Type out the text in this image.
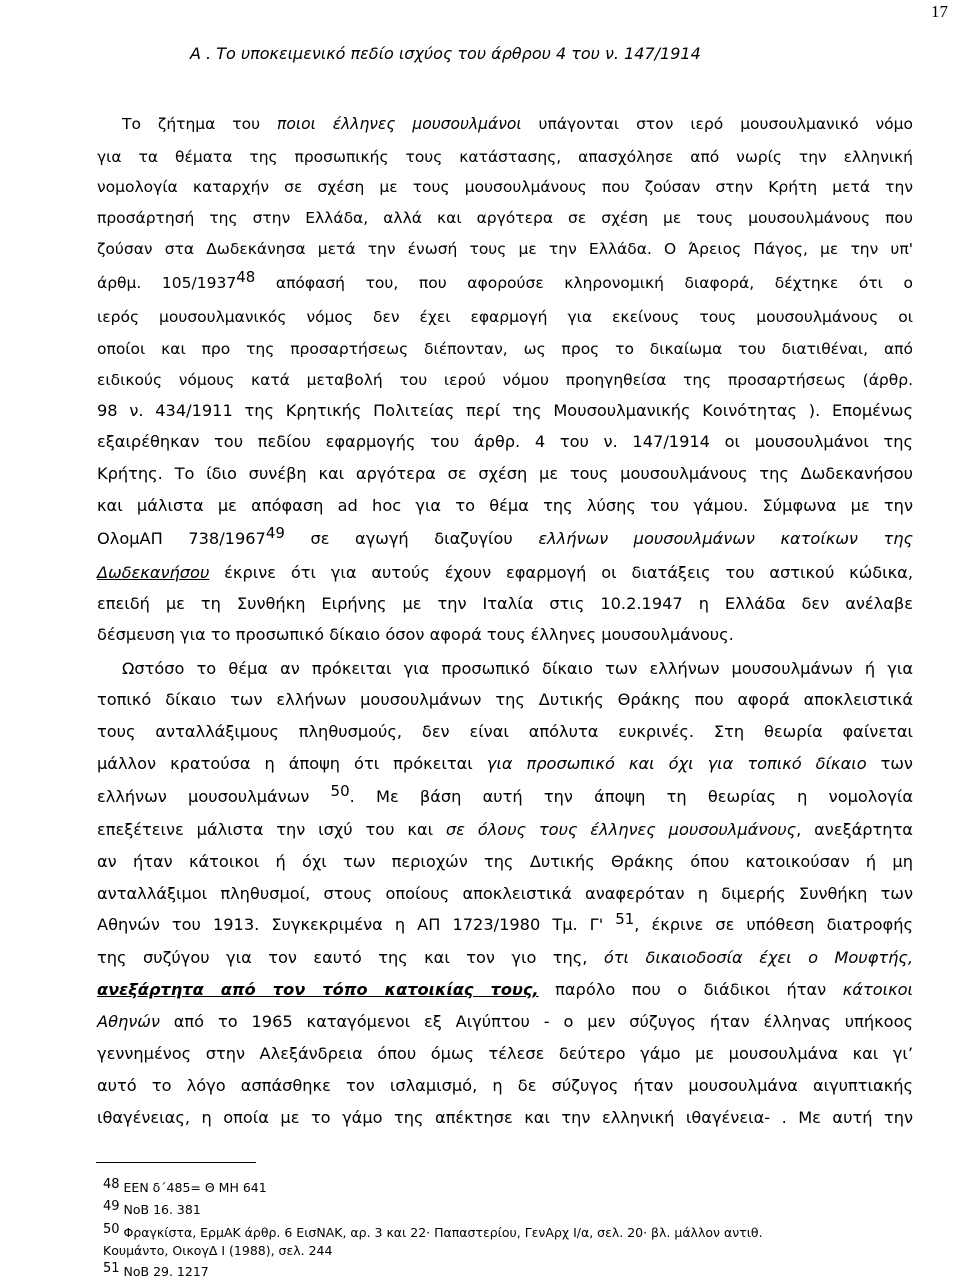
17
Α . Το υποκειμενικό πεδίο ισχύος του άρθρου 4 του ν. 147/1914
Το ζήτημα του ποιοι έλληνες μουσουλμάνοι υπάγονται στον ιερό μουσουλμανικό νόμο
για τα θέματα της προσωπικής τους κατάστασης, απασχόλησε από νωρίς την ελληνική
νομολογία καταρχήν σε σχέση με τους μουσουλμάνους που ζούσαν στην Κρήτη μετά την
προσάρτησή της στην Ελλάδα, αλλά και αργότερα σε σχέση με τους μουσουλμάνους που
ζούσαν στα Δωδεκάνησα μετά την ένωσή τους με την Ελλάδα. Ο Άρειος Πάγος, με την υπ'
άρθμ. 105/1937$^{48}$ απόφασή του, που αφορούσε κληρονομική διαφορά, δέχτηκε ότι ο
ιερός μουσουλμανικός νόμος δεν έχει εφαρμογή για εκείνους τους μουσουλμάνους οι
οποίοι και προ της προσαρτήσεως διέπονταν, ως προς το δικαίωμα του διατιθέναι, από
ειδικούς νόμους κατά μεταβολή του ιερού νόμου προηγηθείσα της προσαρτήσεως (άρθρ.
98 ν. 434/1911 της Κρητικής Πολιτείας περί της Μουσουλμανικής Κοινότητας ). Επομένως
εξαιρέθηκαν του πεδίου εφαρμογής του άρθρ. 4 του ν. 147/1914 οι μουσουλμάνοι της
Κρήτης. Το ίδιο συνέβη και αργότερα σε σχέση με τους μουσουλμάνους της Δωδεκανήσου
και μάλιστα με απόφαση ad hoc για το θέμα της λύσης του γάμου. Σύμφωνα με την
ΟλομΑΠ 738/1967$^{49}$ σε αγωγή διαζυγίου ελλήνων μουσουλμάνων κατοίκων της
Δωδεκανήσου έκρινε ότι για αυτούς έχουν εφαρμογή οι διατάξεις του αστικού κώδικα,
επειδή με τη Συνθήκη Ειρήνης με την Ιταλία στις 10.2.1947 η Ελλάδα δεν ανέλαβε
δέσμευση για το προσωπικό δίκαιο όσον αφορά τους έλληνες μουσουλμάνους.
Ωστόσο το θέμα αν πρόκειται για προσωπικό δίκαιο των ελλήνων μουσουλμάνων ή για
τοπικό δίκαιο των ελλήνων μουσουλμάνων της Δυτικής Θράκης που αφορά αποκλειστικά
τους ανταλλάξιμους πληθυσμούς, δεν είναι απόλυτα ευκρινές. Στη θεωρία φαίνεται
μάλλον κρατούσα η άποψη ότι πρόκειται για προσωπικό και όχι για τοπικό δίκαιο των
ελλήνων μουσουλμάνων $^{50}$. Με βάση αυτή την άποψη τη θεωρίας η νομολογία
επεξέτεινε μάλιστα την ισχύ του και σε όλους τους έλληνες μουσουλμάνους, ανεξάρτητα
αν ήταν κάτοικοι ή όχι των περιοχών της Δυτικής Θράκης όπου κατοικούσαν ή μη
ανταλλάξιμοι πληθυσμοί, στους οποίους αποκλειστικά αναφερόταν η διμερής Συνθήκη των
Αθηνών του 1913. Συγκεκριμένα η ΑΠ 1723/1980 Τμ. Γ' $^{51}$, έκρινε σε υπόθεση διατροφής
της συζύγου για τον εαυτό της και τον γιο της, ότι δικαιοδοσία έχει ο Μουφτής,
ανεξάρτητα από τον τόπο κατοικίας τους, παρόλο που ο διάδικοι ήταν κάτοικοι
Αθηνών από το 1965 καταγόμενοι εξ Αιγύπτου - ο μεν σύζυγος ήταν έλληνας υπήκοος
γεννημένος στην Αλεξάνδρεια όπου όμως τέλεσε δεύτερο γάμο με μουσουλμάνα και γι’
αυτό το λόγο ασπάσθηκε τον ισλαμισμό, η δε σύζυγος ήταν μουσουλμάνα αιγυπτιακής
ιθαγένειας, η οποία με το γάμο της απέκτησε και την ελληνική ιθαγένεια- . Με αυτή την
$^{48}$ ΕΕΝ δ΄485= Θ ΜΗ 641
$^{49}$ ΝοΒ 16. 381
$^{50}$ Φραγκίστα, ΕρμΑΚ άρθρ. 6 ΕισΝΑΚ, αρ. 3 και 22· Παπαστερίου, ΓενΑρχ Ι/α, σελ. 20· βλ. μάλλον αντιθ.
Κουμάντο, ΟικογΔ Ι (1988), σελ. 244
$^{51}$ ΝοΒ 29. 1217
